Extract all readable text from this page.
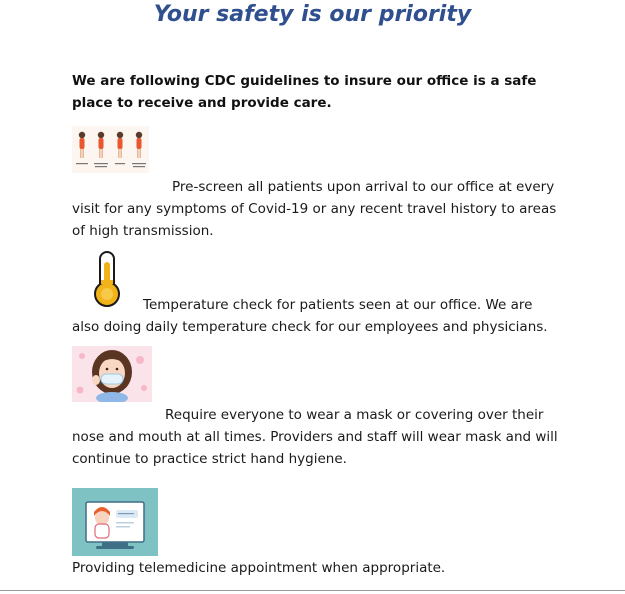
Your safety is our priority
We are following CDC guidelines to insure our office is a safe place to receive and provide care.
Pre-screen all patients upon arrival to our office at every visit for any symptoms of Covid-19 or any recent travel history to areas of high transmission.
Temperature check for patients seen at our office. We are also doing daily temperature check for our employees and physicians.
Require everyone to wear a mask or covering over their nose and mouth at all times. Providers and staff will wear mask and will continue to practice strict hand hygiene.
Providing telemedicine appointment when appropriate.
